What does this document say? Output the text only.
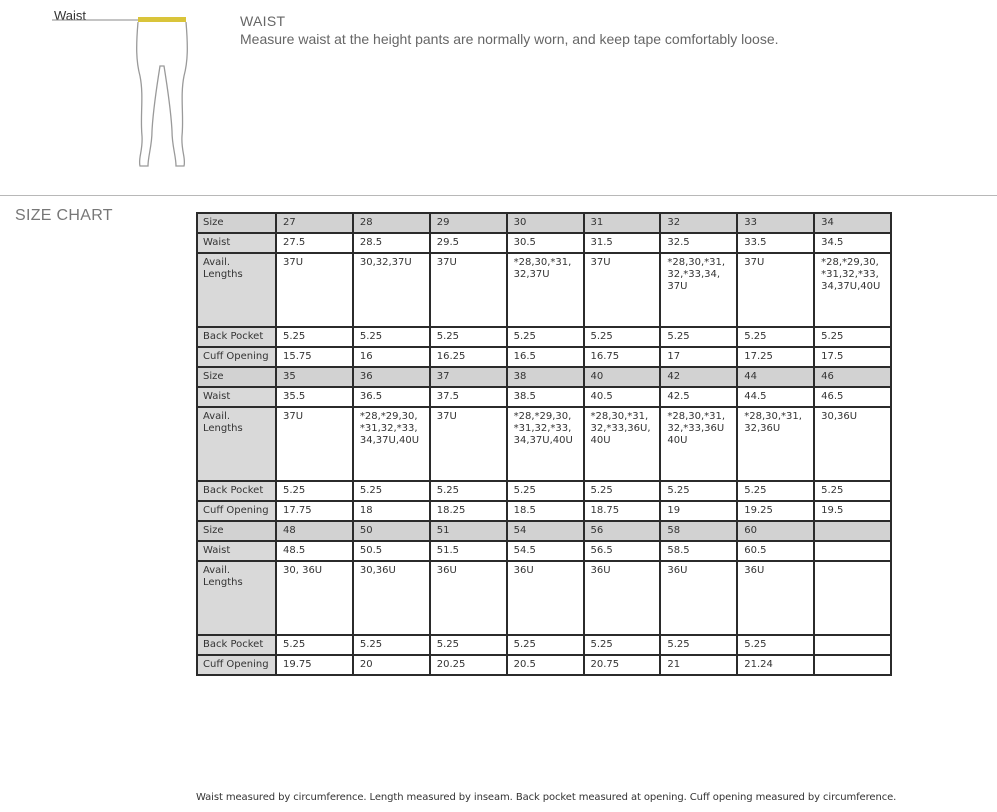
Waist	WAIST
Measure waist at the height pants are normally worn, and keep tape comfortably loose.
SIZE CHART	Size	27	28	29	30	31	32	33	34
Waist	27.5	28.5	29.5	30.5	31.5	32.5	33.5	34.5
Avail. Lengths	37U	30,32,37U	37U	*28,30,*31, 32,37U	37U	*28,30,*31, 32,*33,34, 37U	37U	*28,*29,30, *31,32,*33, 34,37U,40U
Back Pocket	5.25	5.25	5.25	5.25	5.25	5.25	5.25	5.25
Cuff Opening	15.75	16	16.25	16.5	16.75	17	17.25	17.5
Size	35	36	37	38	40	42	44	46
Waist	35.5	36.5	37.5	38.5	40.5	42.5	44.5	46.5
Avail. Lengths	37U	*28,*29,30, *31,32,*33, 34,37U,40U	37U	*28,*29,30, *31,32,*33, 34,37U,40U	*28,30,*31, 32,*33,36U, 40U	*28,30,*31, 32,*33,36U 40U	*28,30,*31, 32,36U	30,36U
Back Pocket	5.25	5.25	5.25	5.25	5.25	5.25	5.25	5.25
Cuff Opening	17.75	18	18.25	18.5	18.75	19	19.25	19.5
Size	48	50	51	54	56	58	60	
Waist	48.5	50.5	51.5	54.5	56.5	58.5	60.5	
Avail. Lengths	30, 36U	30,36U	36U	36U	36U	36U	36U	
Back Pocket	5.25	5.25	5.25	5.25	5.25	5.25	5.25	
Cuff Opening	19.75	20	20.25	20.5	20.75	21	21.24	
Waist measured by circumference. Length measured by inseam. Back pocket measured at opening. Cuff opening measured by circumference.
